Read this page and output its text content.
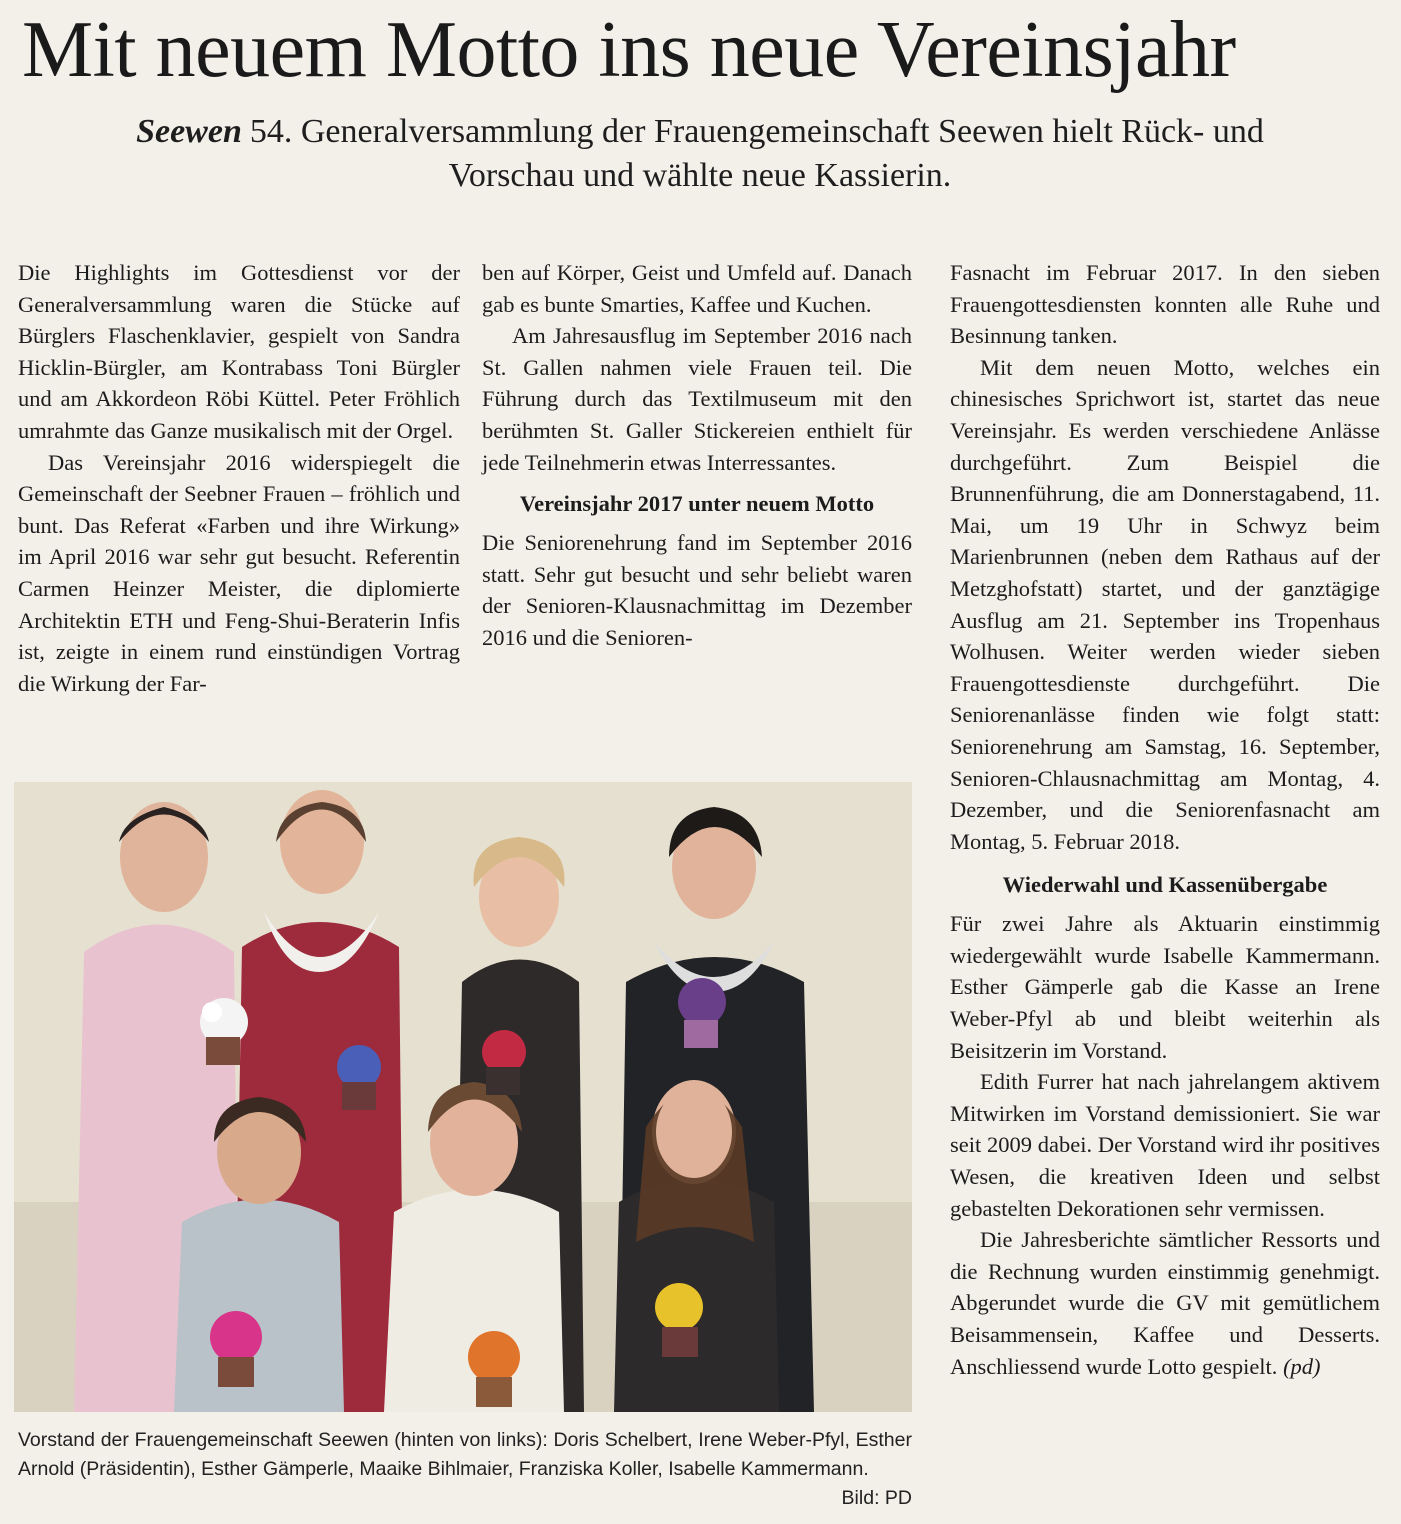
Mit neuem Motto ins neue Vereinsjahr
Seewen 54. Generalversammlung der Frauengemeinschaft Seewen hielt Rück- und Vorschau und wählte neue Kassierin.

Die Highlights im Gottesdienst vor der Generalversammlung waren die Stücke auf Bürglers Flaschenklavier, gespielt von Sandra Hicklin-Bürgler, am Kontrabass Toni Bürgler und am Akkordeon Röbi Küttel. Peter Fröhlich umrahmte das Ganze musikalisch mit der Orgel.

Das Vereinsjahr 2016 widerspiegelt die Gemeinschaft der Seebner Frauen – fröhlich und bunt. Das Referat «Farben und ihre Wirkung» im April 2016 war sehr gut besucht. Referentin Carmen Heinzer Meister, die diplomierte Architektin ETH und Feng-Shui-Beraterin Infis ist, zeigte in einem rund einstündigen Vortrag die Wirkung der Far-

ben auf Körper, Geist und Umfeld auf. Danach gab es bunte Smarties, Kaffee und Kuchen.

Am Jahresausflug im September 2016 nach St. Gallen nahmen viele Frauen teil. Die Führung durch das Textilmuseum mit den berühmten St. Galler Stickereien enthielt für jede Teilnehmerin etwas Interressantes.

Vereinsjahr 2017 unter neuem Motto

Die Seniorenehrung fand im September 2016 statt. Sehr gut besucht und sehr beliebt waren der Senioren-Klausnachmittag im Dezember 2016 und die Senioren-

Fasnacht im Februar 2017. In den sieben Frauengottesdiensten konnten alle Ruhe und Besinnung tanken.

Mit dem neuen Motto, welches ein chinesisches Sprichwort ist, startet das neue Vereinsjahr. Es werden verschiedene Anlässe durchgeführt. Zum Beispiel die Brunnenführung, die am Donnerstagabend, 11. Mai, um 19 Uhr in Schwyz beim Marienbrunnen (neben dem Rathaus auf der Metzghofstatt) startet, und der ganztägige Ausflug am 21. September ins Tropenhaus Wolhusen. Weiter werden wieder sieben Frauengottesdienste durchgeführt. Die Seniorenanlässe finden wie folgt statt: Seniorenehrung am Samstag, 16. September, Senioren-Chlausnachmittag am Montag, 4. Dezember, und die Seniorenfasnacht am Montag, 5. Februar 2018.

Wiederwahl und Kassenübergabe

Für zwei Jahre als Aktuarin einstimmig wiedergewählt wurde Isabelle Kammermann. Esther Gämperle gab die Kasse an Irene Weber-Pfyl ab und bleibt weiterhin als Beisitzerin im Vorstand.

Edith Furrer hat nach jahrelangem aktivem Mitwirken im Vorstand demissioniert. Sie war seit 2009 dabei. Der Vorstand wird ihr positives Wesen, die kreativen Ideen und selbst gebastelten Dekorationen sehr vermissen.

Die Jahresberichte sämtlicher Ressorts und die Rechnung wurden einstimmig genehmigt. Abgerundet wurde die GV mit gemütlichem Beisammensein, Kaffee und Desserts. Anschliessend wurde Lotto gespielt. (pd)

Vorstand der Frauengemeinschaft Seewen (hinten von links): Doris Schelbert, Irene Weber-Pfyl, Esther Arnold (Präsidentin), Esther Gämperle, Maaike Bihlmaier, Franziska Koller, Isabelle Kammermann.
Bild: PD
